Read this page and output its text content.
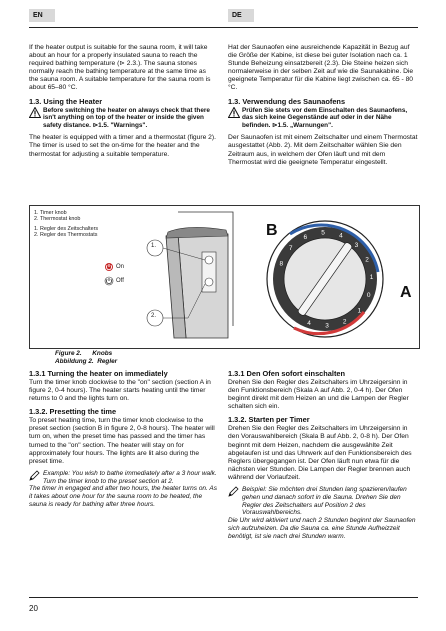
EN	DE

If the heater output is suitable for the sauna room, it will take about an hour for a properly insulated sauna to reach the required bathing temperature (⊳ 2.3.). The sauna stones normally reach the bathing temperature at the same time as the sauna room. A suitable temperature for the sauna room is about 65–80 °C.

1.3. Using the Heater
Before switching the heater on always check that there isn't anything on top of the heater or inside the given safety distance. ⊳1.5. "Warnings".

The heater is equipped with a timer and a thermostat (figure 2). The timer is used to set the on-time for the heater and the thermostat for adjusting a suitable temperature.

Hat der Saunaofen eine ausreichende Kapazität in Bezug auf die Größe der Kabine, ist diese bei guter Isolation nach ca. 1 Stunde Beheizung einsatzbereit (2.3). Die Steine heizen sich normalerweise in der selben Zeit auf wie die Saunakabine. Die geeignete Temperatur für die Kabine liegt zwischen ca. 65 - 80 °C.

1.3. Verwendung des Saunaofens
Prüfen Sie stets vor dem Einschalten des Saunaofens, das sich keine Gegenstände auf oder in der Nähe befinden. ⊳1.5. „Warnungen".

Der Saunaofen ist mit einem Zeitschalter und einem Thermostat ausgestattet (Abb. 2). Mit dem Zeitschalter wählen Sie den Zeitraum aus, in welchem der Ofen läuft und mit dem Thermostat wird die geeignete Temperatur eingestellt.

1. Timer knob
2. Thermostat knob
1. Regler des Zeitschalters
2. Regler des Thermostats
1.
2.
On
Off
8
7
6
5 4
3
2
1
0
1
2
3
4
B
A
Figure 2. Knobs
Abbildung 2. Regler
1.3.1 Turning the heater on immediately

Turn the timer knob clockwise to the "on" section (section A in figure 2, 0-4 hours). The heater starts heating until the timer returns to 0 and the lights turn on.

1.3.2. Presetting the time

To preset heating time, turn the timer knob clockwise to the preset section (section B in figure 2, 0-8 hours). The heater will turn on, when the preset time has passed and the timer has turned to the "on" section. The heater will stay on for approximately four hours. The lights are lit also during the preset time.

Example: You wish to bathe immediately after a 3 hour walk. Turn the timer knob to the preset section at 2.
The timer in engaged and after two hours, the heater turns on. As it takes about one hour for the sauna room to be heated, the sauna is ready for bathing after three hours.
1.3.1 Den Ofen sofort einschalten

Drehen Sie den Regler des Zeitschalters im Uhrzeigersinn in den Funktionsbereich (Skala A auf Abb. 2, 0-4 h). Der Ofen beginnt direkt mit dem Heizen an und die Lampen der Regler schalten sich ein.

1.3.2. Starten per Timer

Drehen Sie den Regler des Zeitschalters im Uhrzeigersinn in den Vorauswahlbereich (Skala B auf Abb. 2, 0-8 h). Der Ofen beginnt mit dem Heizen, nachdem die ausgewählte Zeit abgelaufen ist und das Uhrwerk auf den Funktionsbereich des Reglers übergegangen ist. Der Ofen läuft nun etwa für die nächsten vier Stunden. Die Lampen der Regler brennen auch während der Vorlaufzeit.

Beispiel: Sie möchten drei Stunden lang spazieren/laufen gehen und danach sofort in die Sauna. Drehen Sie den Regler des Zeitschalters auf Position 2 des Vorauswahlbereichs.
Die Uhr wird aktiviert und nach 2 Stunden beginnt der Saunaofen sich aufzuheizen. Da die Sauna ca. eine Stunde Aufheizzeit benötigt, ist sie nach drei Stunden warm.
20
